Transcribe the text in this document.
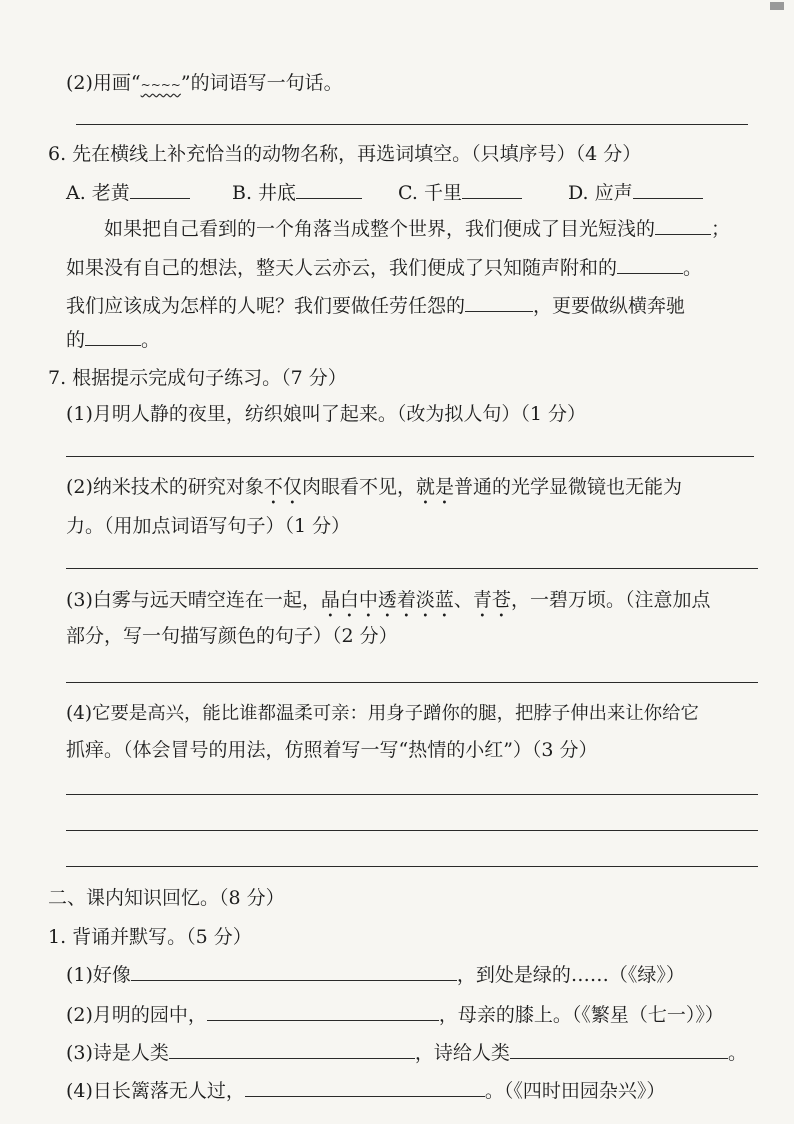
(2)用画“~~~~”的词语写一句话。
6. 先在横线上补充恰当的动物名称，再选词填空。（只填序号）（4 分）
A. 老黄	B. 井底	C. 千里	D. 应声
如果把自己看到的一个角落当成整个世界，我们便成了目光短浅的	；
如果没有自己的想法，整天人云亦云，我们便成了只知随声附和的	。
我们应该成为怎样的人呢？我们要做任劳任怨的	，更要做纵横奔驰
的	。
7. 根据提示完成句子练习。（7 分）
(1)月明人静的夜里，纺织娘叫了起来。（改为拟人句）（1 分）
(2)纳米技术的研究对象不仅肉眼看不见，就是普通的光学显微镜也无能为
力。（用加点词语写句子）（1 分）
(3)白雾与远天晴空连在一起，晶白中透着淡蓝、青苍，一碧万顷。（注意加点
部分，写一句描写颜色的句子）（2 分）
(4)它要是高兴，能比谁都温柔可亲：用身子蹭你的腿，把脖子伸出来让你给它
抓痒。（体会冒号的用法，仿照着写一写“热情的小红”）（3 分）
二、课内知识回忆。（8 分）
1. 背诵并默写。（5 分）
(1)好像	，到处是绿的……（《绿》）
(2)月明的园中，	，母亲的膝上。（《繁星（七一）》）
(3)诗是人类	，诗给人类	。
(4)日长篱落无人过，	。（《四时田园杂兴》）
